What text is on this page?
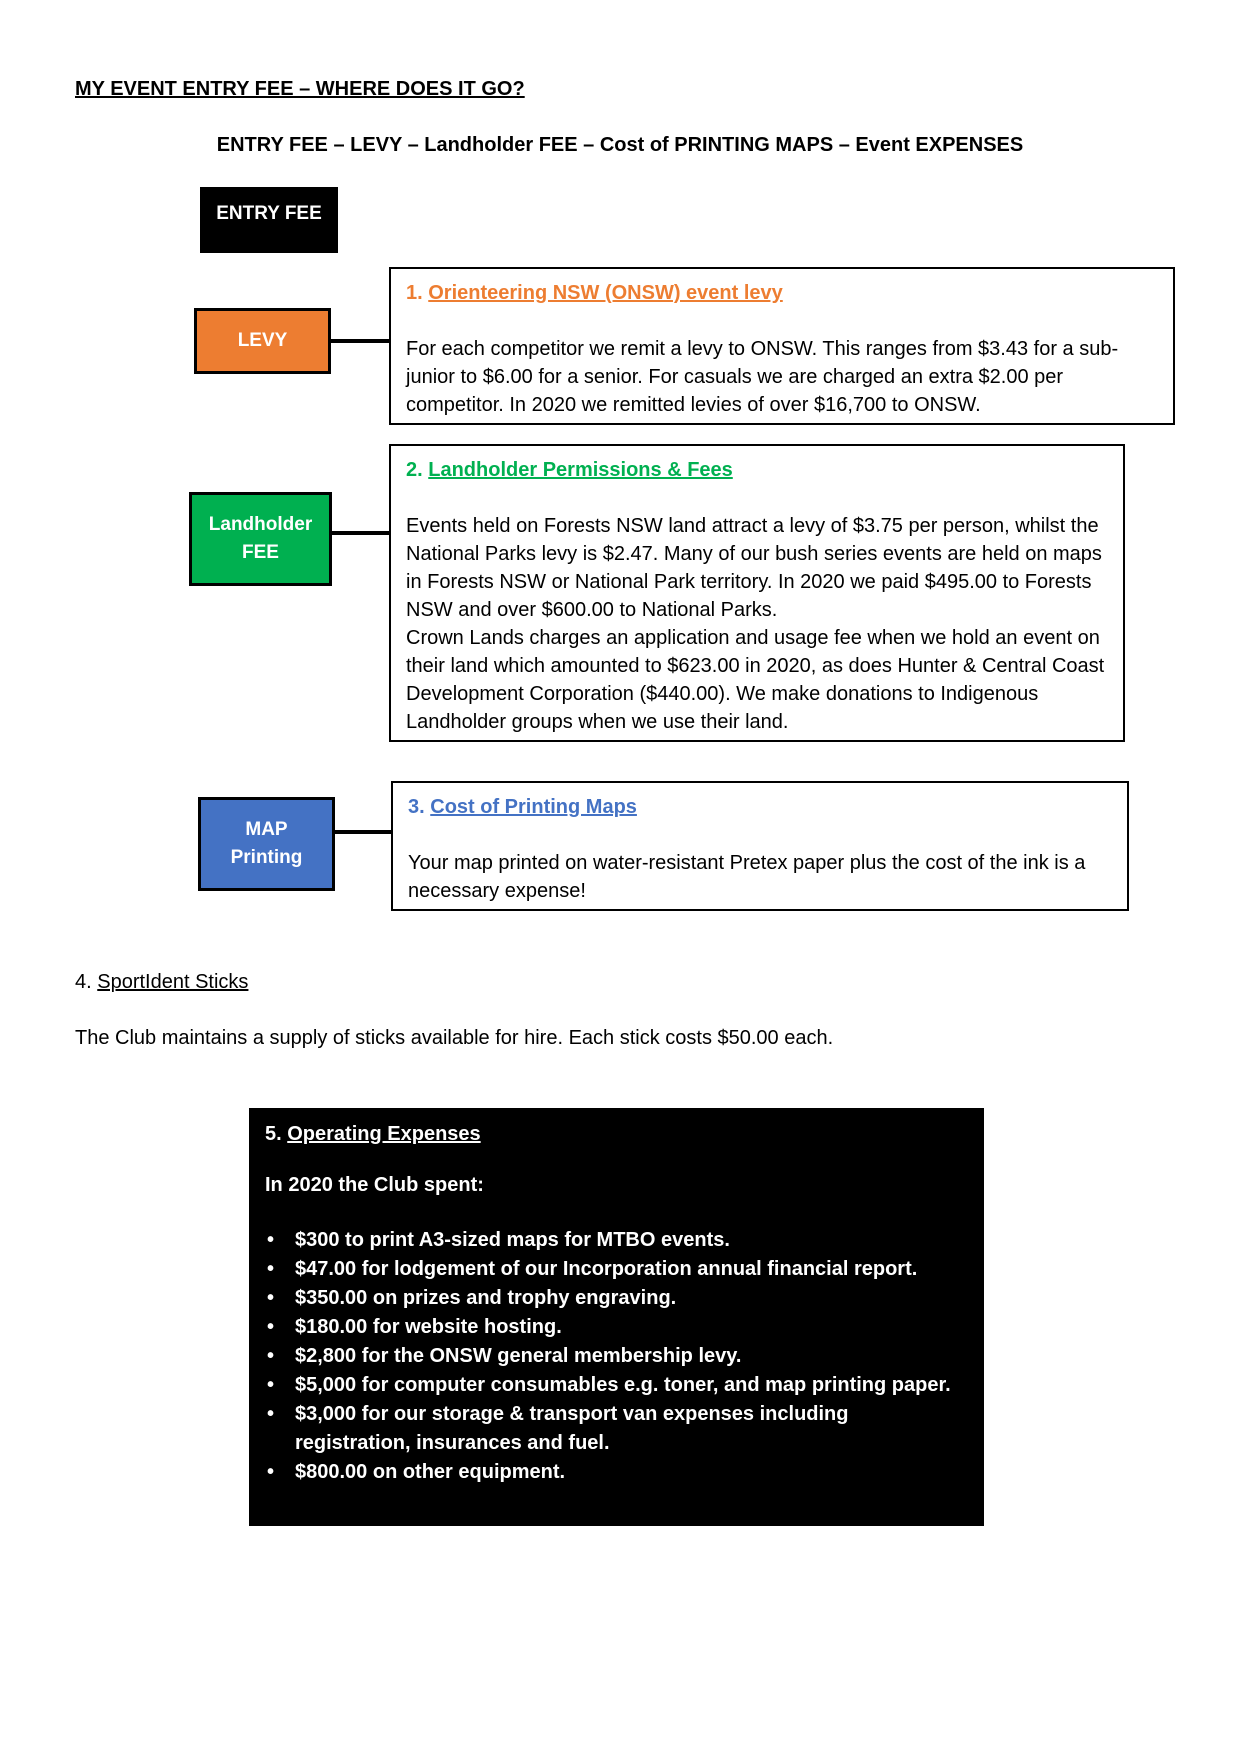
MY EVENT ENTRY FEE – WHERE DOES IT GO?
ENTRY FEE – LEVY – Landholder FEE – Cost of PRINTING MAPS – Event EXPENSES
ENTRY FEE
LEVY
1. Orienteering NSW (ONSW) event levy

For each competitor we remit a levy to ONSW. This ranges from $3.43 for a sub-junior to $6.00 for a senior. For casuals we are charged an extra $2.00 per competitor. In 2020 we remitted levies of over $16,700 to ONSW.

Landholder
FEE
2. Landholder Permissions & Fees

Events held on Forests NSW land attract a levy of $3.75 per person, whilst the National Parks levy is $2.47. Many of our bush series events are held on maps in Forests NSW or National Park territory. In 2020 we paid $495.00 to Forests NSW and over $600.00 to National Parks.

Crown Lands charges an application and usage fee when we hold an event on their land which amounted to $623.00 in 2020, as does Hunter & Central Coast Development Corporation ($440.00). We make donations to Indigenous Landholder groups when we use their land.

MAP
Printing
3. Cost of Printing Maps

Your map printed on water-resistant Pretex paper plus the cost of the ink is a necessary expense!

4. SportIdent Sticks
The Club maintains a supply of sticks available for hire. Each stick costs $50.00 each.
5. Operating Expenses
In 2020 the Club spent:
• $300 to print A3-sized maps for MTBO events.
• $47.00 for lodgement of our Incorporation annual financial report.
• $350.00 on prizes and trophy engraving.
• $180.00 for website hosting.
• $2,800 for the ONSW general membership levy.
• $5,000 for computer consumables e.g. toner, and map printing paper.
• $3,000 for our storage & transport van expenses including registration, insurances and fuel.
• $800.00 on other equipment.
